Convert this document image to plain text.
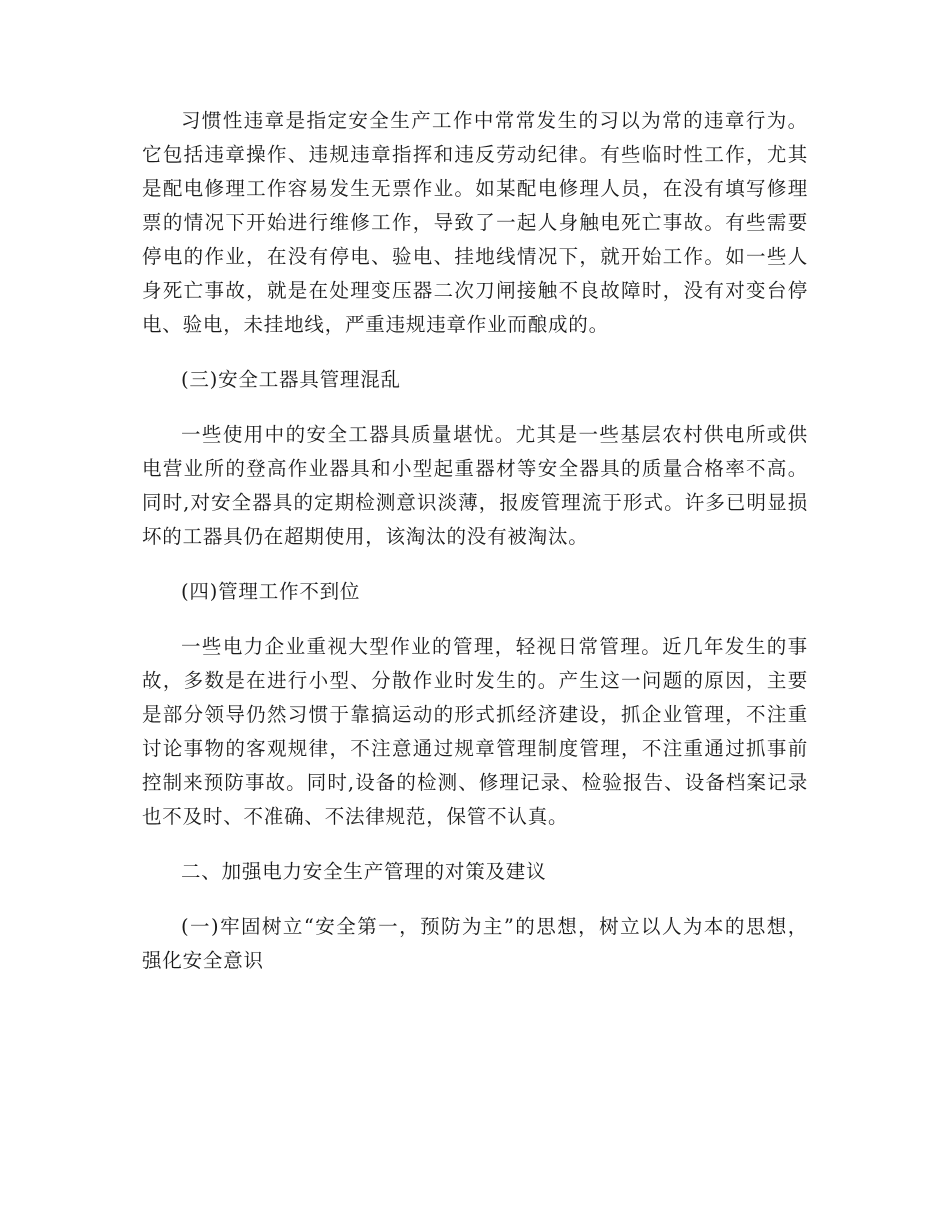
习惯性违章是指定安全生产工作中常常发生的习以为常的违章行为。它包括违章操作、违规违章指挥和违反劳动纪律。有些临时性工作，尤其是配电修理工作容易发生无票作业。如某配电修理人员，在没有填写修理票的情况下开始进行维修工作，导致了一起人身触电死亡事故。有些需要停电的作业，在没有停电、验电、挂地线情况下，就开始工作。如一些人身死亡事故，就是在处理变压器二次刀闸接触不良故障时，没有对变台停电、验电，未挂地线，严重违规违章作业而酿成的。

(三)安全工器具管理混乱

一些使用中的安全工器具质量堪忧。尤其是一些基层农村供电所或供电营业所的登高作业器具和小型起重器材等安全器具的质量合格率不高。同时,对安全器具的定期检测意识淡薄，报废管理流于形式。许多已明显损坏的工器具仍在超期使用，该淘汰的没有被淘汰。

(四)管理工作不到位

一些电力企业重视大型作业的管理，轻视日常管理。近几年发生的事故，多数是在进行小型、分散作业时发生的。产生这一问题的原因，主要是部分领导仍然习惯于靠搞运动的形式抓经济建设，抓企业管理，不注重讨论事物的客观规律，不注意通过规章管理制度管理，不注重通过抓事前控制来预防事故。同时,设备的检测、修理记录、检验报告、设备档案记录也不及时、不准确、不法律规范，保管不认真。

二、加强电力安全生产管理的对策及建议

(一)牢固树立“安全第一，预防为主”的思想，树立以人为本的思想，强化安全意识
